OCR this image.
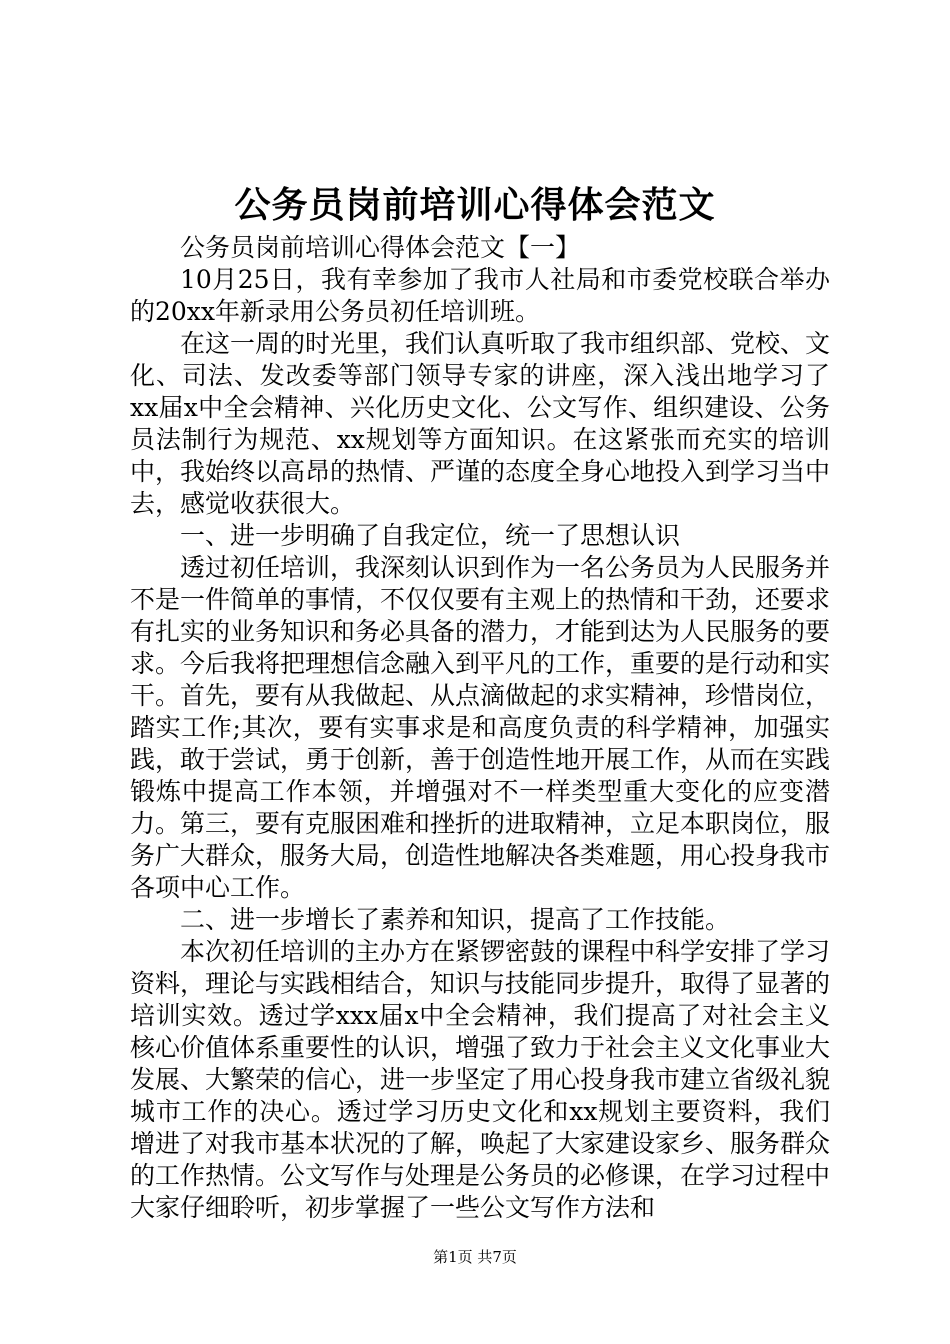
公务员岗前培训心得体会范文

公务员岗前培训心得体会范文【一】

10月25日，我有幸参加了我市人社局和市委党校联合举办的20xx年新录用公务员初任培训班。

在这一周的时光里，我们认真听取了我市组织部、党校、文化、司法、发改委等部门领导专家的讲座，深入浅出地学习了xx届x中全会精神、兴化历史文化、公文写作、组织建设、公务员法制行为规范、xx规划等方面知识。在这紧张而充实的培训中，我始终以高昂的热情、严谨的态度全身心地投入到学习当中去，感觉收获很大。

一、进一步明确了自我定位，统一了思想认识

透过初任培训，我深刻认识到作为一名公务员为人民服务并不是一件简单的事情，不仅仅要有主观上的热情和干劲，还要求有扎实的业务知识和务必具备的潜力，才能到达为人民服务的要求。今后我将把理想信念融入到平凡的工作，重要的是行动和实干。首先，要有从我做起、从点滴做起的求实精神，珍惜岗位，踏实工作;其次，要有实事求是和高度负责的科学精神，加强实践，敢于尝试，勇于创新，善于创造性地开展工作，从而在实践锻炼中提高工作本领，并增强对不一样类型重大变化的应变潜力。第三，要有克服困难和挫折的进取精神，立足本职岗位，服务广大群众，服务大局，创造性地解决各类难题，用心投身我市各项中心工作。

二、进一步增长了素养和知识，提高了工作技能。

本次初任培训的主办方在紧锣密鼓的课程中科学安排了学习资料，理论与实践相结合，知识与技能同步提升，取得了显著的培训实效。透过学xxx届x中全会精神，我们提高了对社会主义核心价值体系重要性的认识，增强了致力于社会主义文化事业大发展、大繁荣的信心，进一步坚定了用心投身我市建立省级礼貌城市工作的决心。透过学习历史文化和xx规划主要资料，我们增进了对我市基本状况的了解，唤起了大家建设家乡、服务群众的工作热情。公文写作与处理是公务员的必修课，在学习过程中大家仔细聆听，初步掌握了一些公文写作方法和

第1页 共7页
